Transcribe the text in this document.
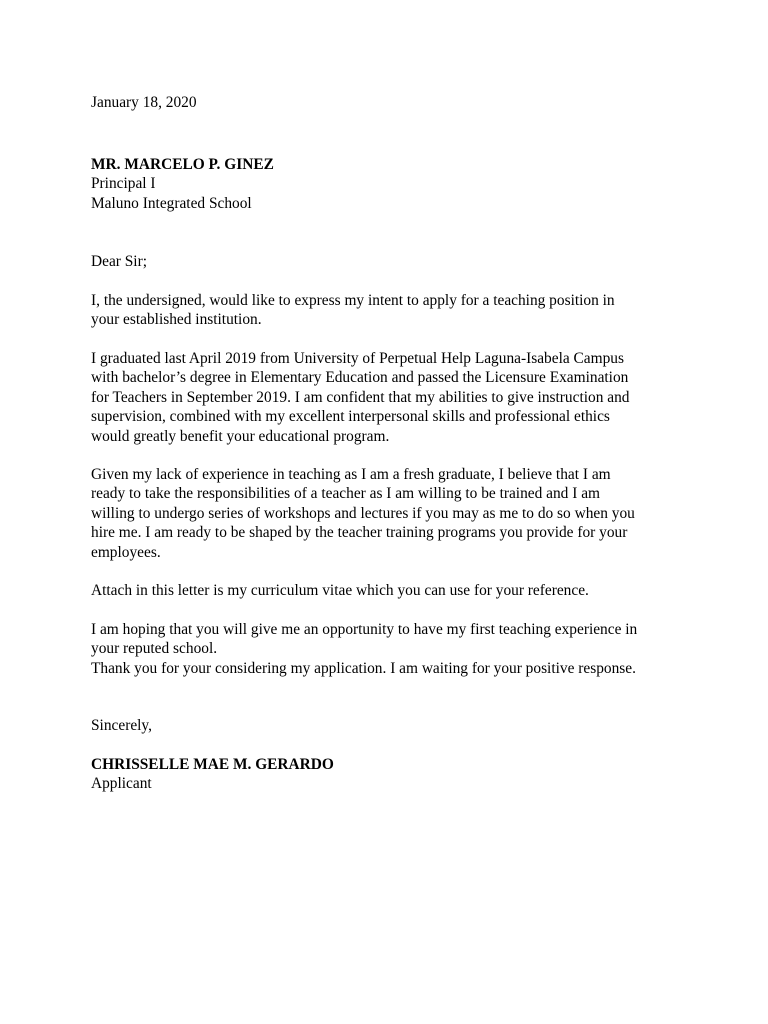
January 18, 2020

MR. MARCELO P. GINEZ
Principal I
Maluno Integrated School

Dear Sir;

I, the undersigned, would like to express my intent to apply for a teaching position in
your established institution.

I graduated last April 2019 from University of Perpetual Help Laguna-Isabela Campus
with bachelor’s degree in Elementary Education and passed the Licensure Examination
for Teachers in September 2019. I am confident that my abilities to give instruction and
supervision, combined with my excellent interpersonal skills and professional ethics
would greatly benefit your educational program.

Given my lack of experience in teaching as I am a fresh graduate, I believe that I am
ready to take the responsibilities of a teacher as I am willing to be trained and I am
willing to undergo series of workshops and lectures if you may as me to do so when you
hire me. I am ready to be shaped by the teacher training programs you provide for your
employees.

Attach in this letter is my curriculum vitae which you can use for your reference.

I am hoping that you will give me an opportunity to have my first teaching experience in
your reputed school.
Thank you for your considering my application. I am waiting for your positive response.

Sincerely,

CHRISSELLE MAE M. GERARDO
Applicant
